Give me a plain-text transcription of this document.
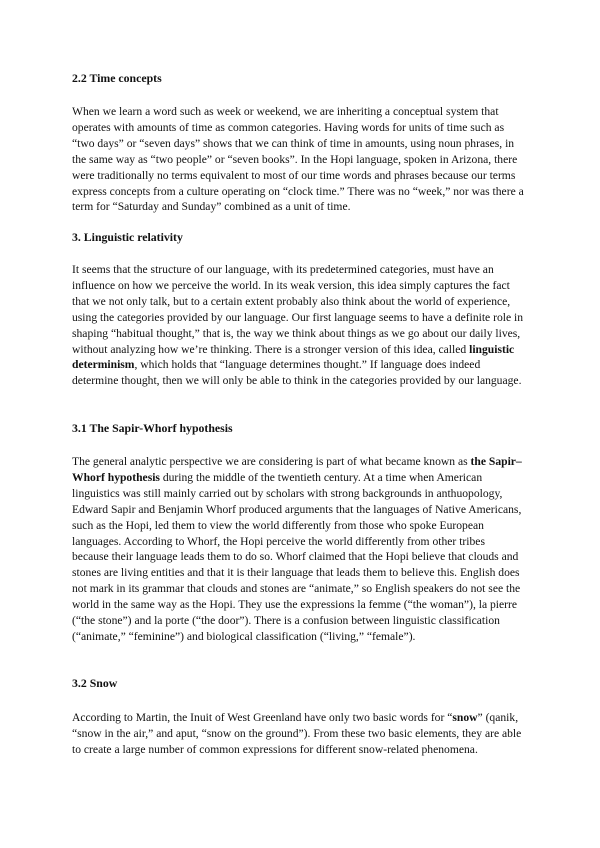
2.2 Time concepts
When we learn a word such as week or weekend, we are inheriting a conceptual system that operates with amounts of time as common categories. Having words for units of time such as “two days” or “seven days” shows that we can think of time in amounts, using noun phrases, in the same way as “two people” or “seven books”. In the Hopi language, spoken in Arizona, there were traditionally no terms equivalent to most of our time words and phrases because our terms express concepts from a culture operating on “clock time.” There was no “week,” nor was there a term for “Saturday and Sunday” combined as a unit of time.
3. Linguistic relativity
It seems that the structure of our language, with its predetermined categories, must have an influence on how we perceive the world. In its weak version, this idea simply captures the fact that we not only talk, but to a certain extent probably also think about the world of experience, using the categories provided by our language. Our first language seems to have a definite role in shaping “habitual thought,” that is, the way we think about things as we go about our daily lives, without analyzing how we’re thinking. There is a stronger version of this idea, called linguistic determinism, which holds that “language determines thought.” If language does indeed determine thought, then we will only be able to think in the categories provided by our language.
3.1 The Sapir-Whorf hypothesis
The general analytic perspective we are considering is part of what became known as the Sapir–Whorf hypothesis during the middle of the twentieth century. At a time when American linguistics was still mainly carried out by scholars with strong backgrounds in anthuopology, Edward Sapir and Benjamin Whorf produced arguments that the languages of Native Americans, such as the Hopi, led them to view the world differently from those who spoke European languages. According to Whorf, the Hopi perceive the world differently from other tribes because their language leads them to do so. Whorf claimed that the Hopi believe that clouds and stones are living entities and that it is their language that leads them to believe this. English does not mark in its grammar that clouds and stones are “animate,” so English speakers do not see the world in the same way as the Hopi. They use the expressions la femme (“the woman”), la pierre (“the stone”) and la porte (“the door”). There is a confusion between linguistic classification (“animate,” “feminine”) and biological classification (“living,” “female”).
3.2 Snow
According to Martin, the Inuit of West Greenland have only two basic words for “snow” (qanik, “snow in the air,” and aput, “snow on the ground”). From these two basic elements, they are able to create a large number of common expressions for different snow-related phenomena.
